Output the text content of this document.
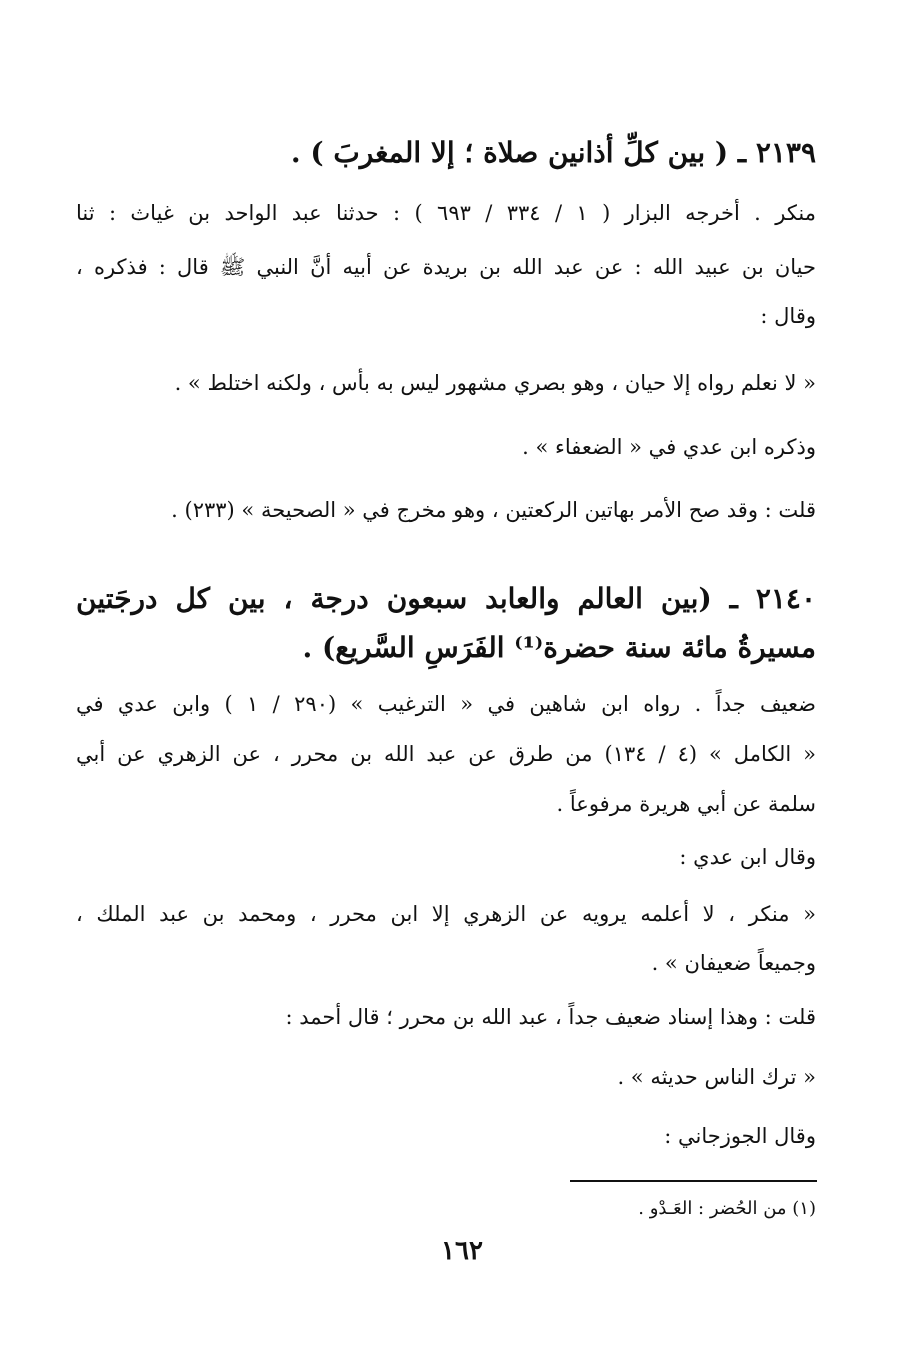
٢١٣٩ ـ ( بين كلِّ أذانين صلاة ؛ إلا المغربَ ) .
منكر . أخرجه البزار ( ١ / ٣٣٤ / ٦٩٣ ) : حدثنا عبد الواحد بن غياث : ثنا
حيان بن عبيد الله : عن عبد الله بن بريدة عن أبيه أنَّ النبي ﷺ قال : فذكره ،
وقال :
« لا نعلم رواه إلا حيان ، وهو بصري مشهور ليس به بأس ، ولكنه اختلط » .
وذكره ابن عدي في « الضعفاء » .
قلت : وقد صح الأمر بهاتين الركعتين ، وهو مخرج في « الصحيحة » (٢٣٣) .
٢١٤٠ ـ (بين العالم والعابد سبعون درجة ، بين كل درجَتين
مسيرةُ مائة سنة حضرة⁽¹⁾ الفَرَسِ السَّريع) .
ضعيف جداً . رواه ابن شاهين في « الترغيب » (٢٩٠ / ١ ) وابن عدي في
« الكامل » (٤ / ١٣٤) من طرق عن عبد الله بن محرر ، عن الزهري عن أبي
سلمة عن أبي هريرة مرفوعاً .
وقال ابن عدي :
« منكر ، لا أعلمه يرويه عن الزهري إلا ابن محرر ، ومحمد بن عبد الملك ،
وجميعاً ضعيفان » .
قلت : وهذا إسناد ضعيف جداً ، عبد الله بن محرر ؛ قال أحمد :
« ترك الناس حديثه » .
وقال الجوزجاني :
(١) من الحُضر : العَـدْو .
١٦٢
